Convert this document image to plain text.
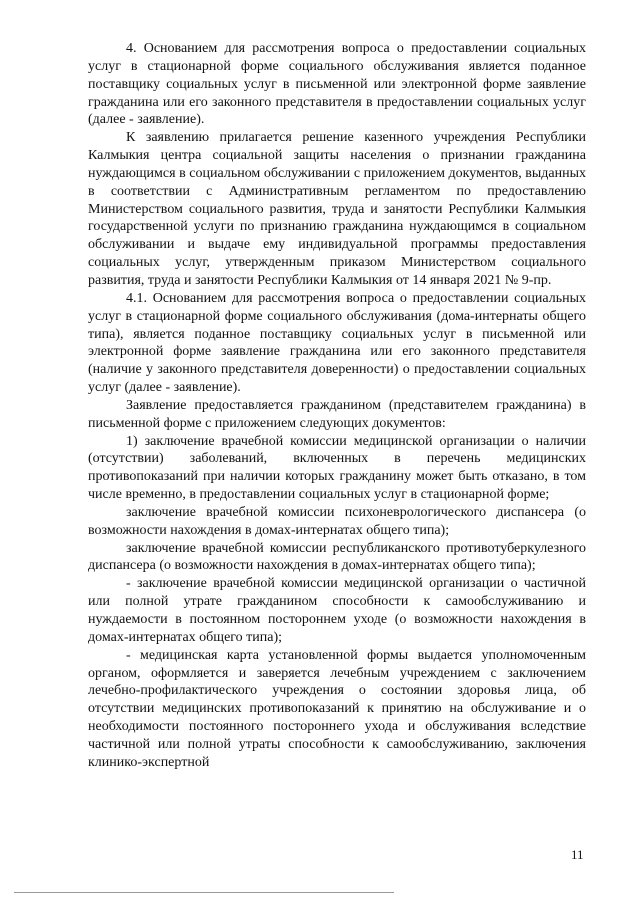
4. Основанием для рассмотрения вопроса о предоставлении социальных услуг в стационарной форме социального обслуживания является поданное поставщику социальных услуг в письменной или электронной форме заявление гражданина или его законного представителя в предоставлении социальных услуг (далее - заявление).

К заявлению прилагается решение казенного учреждения Республики Калмыкия центра социальной защиты населения о признании гражданина нуждающимся в социальном обслуживании с приложением документов, выданных в соответствии с Административным регламентом по предоставлению Министерством социального развития, труда и занятости Республики Калмыкия государственной услуги по признанию гражданина нуждающимся в социальном обслуживании и выдаче ему индивидуальной программы предоставления социальных услуг, утвержденным приказом Министерством социального развития, труда и занятости Республики Калмыкия от 14 января 2021 № 9-пр.

4.1. Основанием для рассмотрения вопроса о предоставлении социальных услуг в стационарной форме социального обслуживания (дома-интернаты общего типа), является поданное поставщику социальных услуг в письменной или электронной форме заявление гражданина или его законного представителя (наличие у законного представителя доверенности) о предоставлении социальных услуг (далее - заявление).

Заявление предоставляется гражданином (представителем гражданина) в письменной форме с приложением следующих документов:

1) заключение врачебной комиссии медицинской организации о наличии (отсутствии) заболеваний, включенных в перечень медицинских противопоказаний при наличии которых гражданину может быть отказано, в том числе временно, в предоставлении социальных услуг в стационарной форме;

заключение врачебной комиссии психоневрологического диспансера (о возможности нахождения в домах-интернатах общего типа);

заключение врачебной комиссии республиканского противотуберкулезного диспансера (о возможности нахождения в домах-интернатах общего типа);

- заключение врачебной комиссии медицинской организации о частичной или полной утрате гражданином способности к самообслуживанию и нуждаемости в постоянном постороннем уходе (о возможности нахождения в домах-интернатах общего типа);

- медицинская карта установленной формы выдается уполномоченным органом, оформляется и заверяется лечебным учреждением с заключением лечебно-профилактического учреждения о состоянии здоровья лица, об отсутствии медицинских противопоказаний к принятию на обслуживание и о необходимости постоянного постороннего ухода и обслуживания вследствие частичной или полной утраты способности к самообслуживанию, заключения клинико-экспертной

11
